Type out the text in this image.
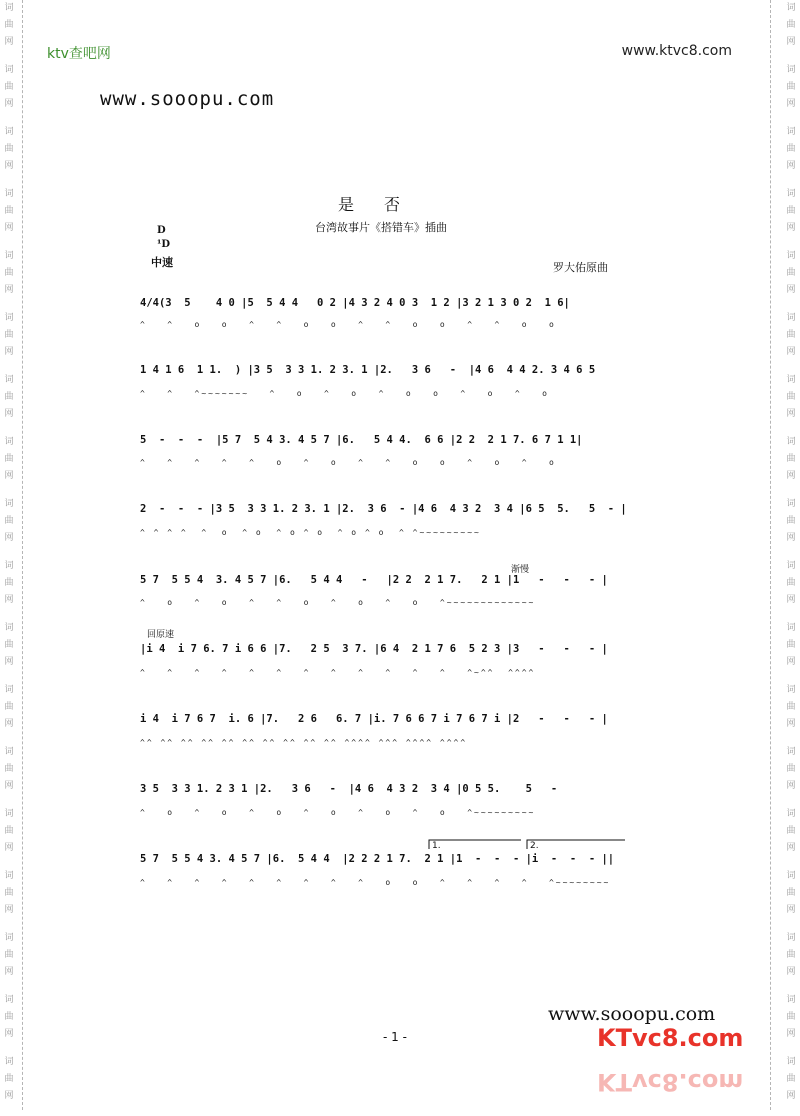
词
曲
网
词
曲
网
词
曲
网
词
曲
网
词
曲
网
词
曲
网
词
曲
网
词
曲
网
词
曲
网
词
曲
网
词
曲
网
词
曲
网
词
曲
网
词
曲
网
词
曲
网
词
曲
网
词
曲
网
词
曲
网
词
曲
网
词
曲
网
词
曲
网
词
曲
网
词
曲
网
词
曲
网
词
曲
网
词
曲
网
词
曲
网
词
曲
网
词
曲
网
词
曲
网
词
曲
网
词
曲
网
词
曲
网
词
曲
网
词
曲
网
词
曲
网
ktv查吧网	www.ktvc8.com
www.sooopu.com
是否
台湾故事片《搭错车》插曲
D
¹D
中速	罗大佑原曲
4/4(3  5    4 0 |5  5 4 4   0 2 |4 3 2 4 0 3  1 2 |3 2 1 3 0 2  1 6|
^   ^   o   o   ^   ^   o   o   ^   ^   o   o   ^   ^   o   o
1 4 1 6  1 1.  ) |3 5  3 3 1. 2 3. 1 |2.   3 6   -  |4 6  4 4 2. 3 4 6 5
^   ^   ^~~~~~~~   ^   o   ^   o   ^   o   o   ^   o   ^   o
5  -  -  -  |5 7  5 4 3. 4 5 7 |6.   5 4 4.  6 6 |2 2  2 1 7. 6 7 1 1|
^   ^   ^   ^   ^   o   ^   o   ^   ^   o   o   ^   o   ^   o
2  -  -  - |3 5  3 3 1. 2 3. 1 |2.  3 6  - |4 6  4 3 2  3 4 |6 5  5.   5  - |
^ ^ ^ ^  ^  o  ^ o  ^ o ^ o  ^ o ^ o  ^ ^~~~~~~~~~
渐慢
5 7  5 5 4  3. 4 5 7 |6.   5 4 4   -   |2 2  2 1 7.   2 1 |1   -   -   - |
^   o   ^   o   ^   ^   o   ^   o   ^   o   ^~~~~~~~~~~~~~
回原速
|i 4  i 7 6. 7 i 6 6 |7.   2 5  3 7. |6 4  2 1 7 6  5 2 3 |3   -   -   - |
^   ^   ^   ^   ^   ^   ^   ^   ^   ^   ^   ^   ^~^^  ^^^^
i 4  i 7 6 7  i. 6 |7.   2 6   6. 7 |i. 7 6 6 7 i 7 6 7 i |2   -   -   - |
^^ ^^ ^^ ^^ ^^ ^^ ^^ ^^ ^^ ^^ ^^^^ ^^^ ^^^^ ^^^^
3 5  3 3 1. 2 3 1 |2.   3 6   -  |4 6  4 3 2  3 4 |0 5 5.    5   -
^   o   ^   o   ^   o   ^   o   ^   o   ^   o   ^~~~~~~~~~
1.	2.
5 7  5 5 4 3. 4 5 7 |6.  5 4 4  |2 2 2 1 7.  2 1 |1  -  -  - |i  -  -  - ||
^   ^   ^   ^   ^   ^   ^   ^   ^   o   o   ^   ^   ^   ^   ^~~~~~~~~
www.sooopu.com
- 1 -	KTvc8.com
KTvc8.com
